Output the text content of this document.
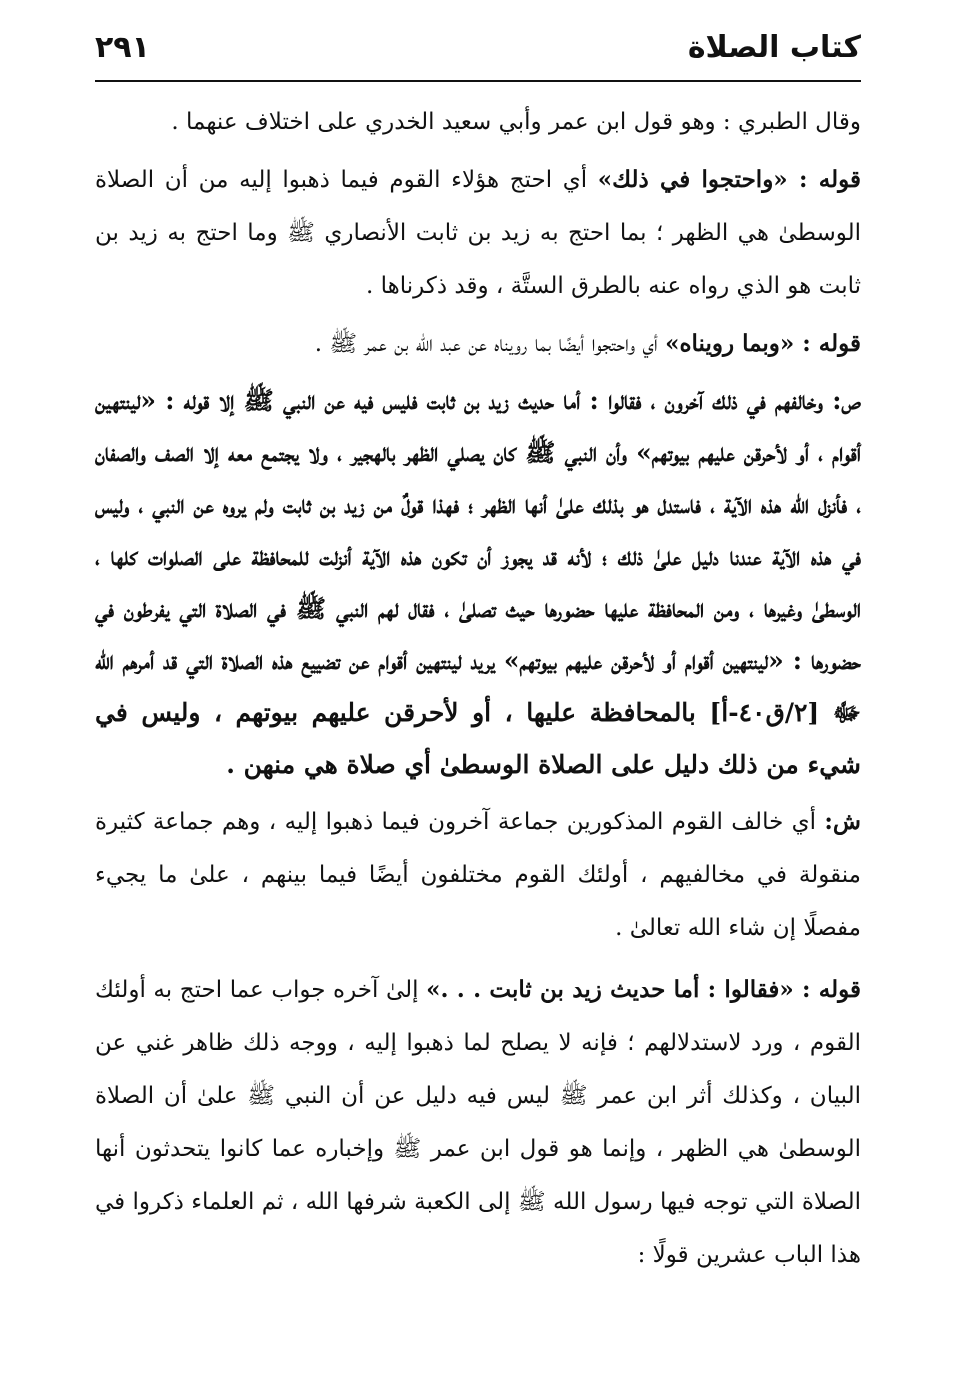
٢٩١	كتاب الصلاة

وقال الطبري : وهو قول ابن عمر وأبي سعيد الخدري على اختلاف عنهما .

قوله : «واحتجوا في ذلك» أي احتج هؤلاء القوم فيما ذهبوا إليه من أن الصلاة الوسطىٰ هي الظهر ؛ بما احتج به زيد بن ثابت الأنصاري ﷺ وما احتج به زيد بن ثابت هو الذي رواه عنه بالطرق الستَّة ، وقد ذكرناها .

قوله : «وبما رويناه» أي واحتجوا أيضًا بما رويناه عن عبد الله بن عمر ﷺ .

ص: وخالفهم في ذلك آخرون ، فقالوا : أما حديث زيد بن ثابت فليس فيه عن النبي ﷺ إلا قوله : «لينتهين أقوام ، أو لأحرقن عليهم بيوتهم» وأن النبي ﷺ كان يصلي الظهر بالهجير ، ولا يجتمع معه إلا الصف والصفان ، فأنزل الله هذه الآية ، فاستدل هو بذلك علىٰ أنها الظهر ؛ فهذا قولٌ من زيد بن ثابت ولم يروه عن النبي ، وليس في هذه الآية عندنا دليل علىٰ ذلك ؛ لأنه قد يجوز أن تكون هذه الآية أنزلت للمحافظة على الصلوات كلها ، الوسطىٰ وغيرها ، ومن المحافظة عليها حضورها حيث تصلىٰ ، فقال لهم النبي ﷺ في الصلاة التي يفرطون في حضورها : «لينتهين أقوام أو لأحرقن عليهم بيوتهم» يريد لينتهين أقوام عن تضييع هذه الصلاة التي قد أمرهم الله ﷻ [٢/ق٤٠-أ] بالمحافظة عليها ، أو لأحرقن عليهم بيوتهم ، وليس في شيء من ذلك دليل على الصلاة الوسطىٰ أي صلاة هي منهن .

ش: أي خالف القوم المذكورين جماعة آخرون فيما ذهبوا إليه ، وهم جماعة كثيرة منقولة في مخالفيهم ، أولئك القوم مختلفون أيضًا فيما بينهم ، علىٰ ما يجيء مفصلًا إن شاء الله تعالىٰ .

قوله : «فقالوا : أما حديث زيد بن ثابت . . .» إلىٰ آخره جواب عما احتج به أولئك القوم ، ورد لاستدلالهم ؛ فإنه لا يصلح لما ذهبوا إليه ، ووجه ذلك ظاهر غني عن البيان ، وكذلك أثر ابن عمر ﷺ ليس فيه دليل عن أن النبي ﷺ علىٰ أن الصلاة الوسطىٰ هي الظهر ، وإنما هو قول ابن عمر ﷺ وإخباره عما كانوا يتحدثون أنها الصلاة التي توجه فيها رسول الله ﷺ إلى الكعبة شرفها الله ، ثم العلماء ذكروا في هذا الباب عشرين قولًا :
